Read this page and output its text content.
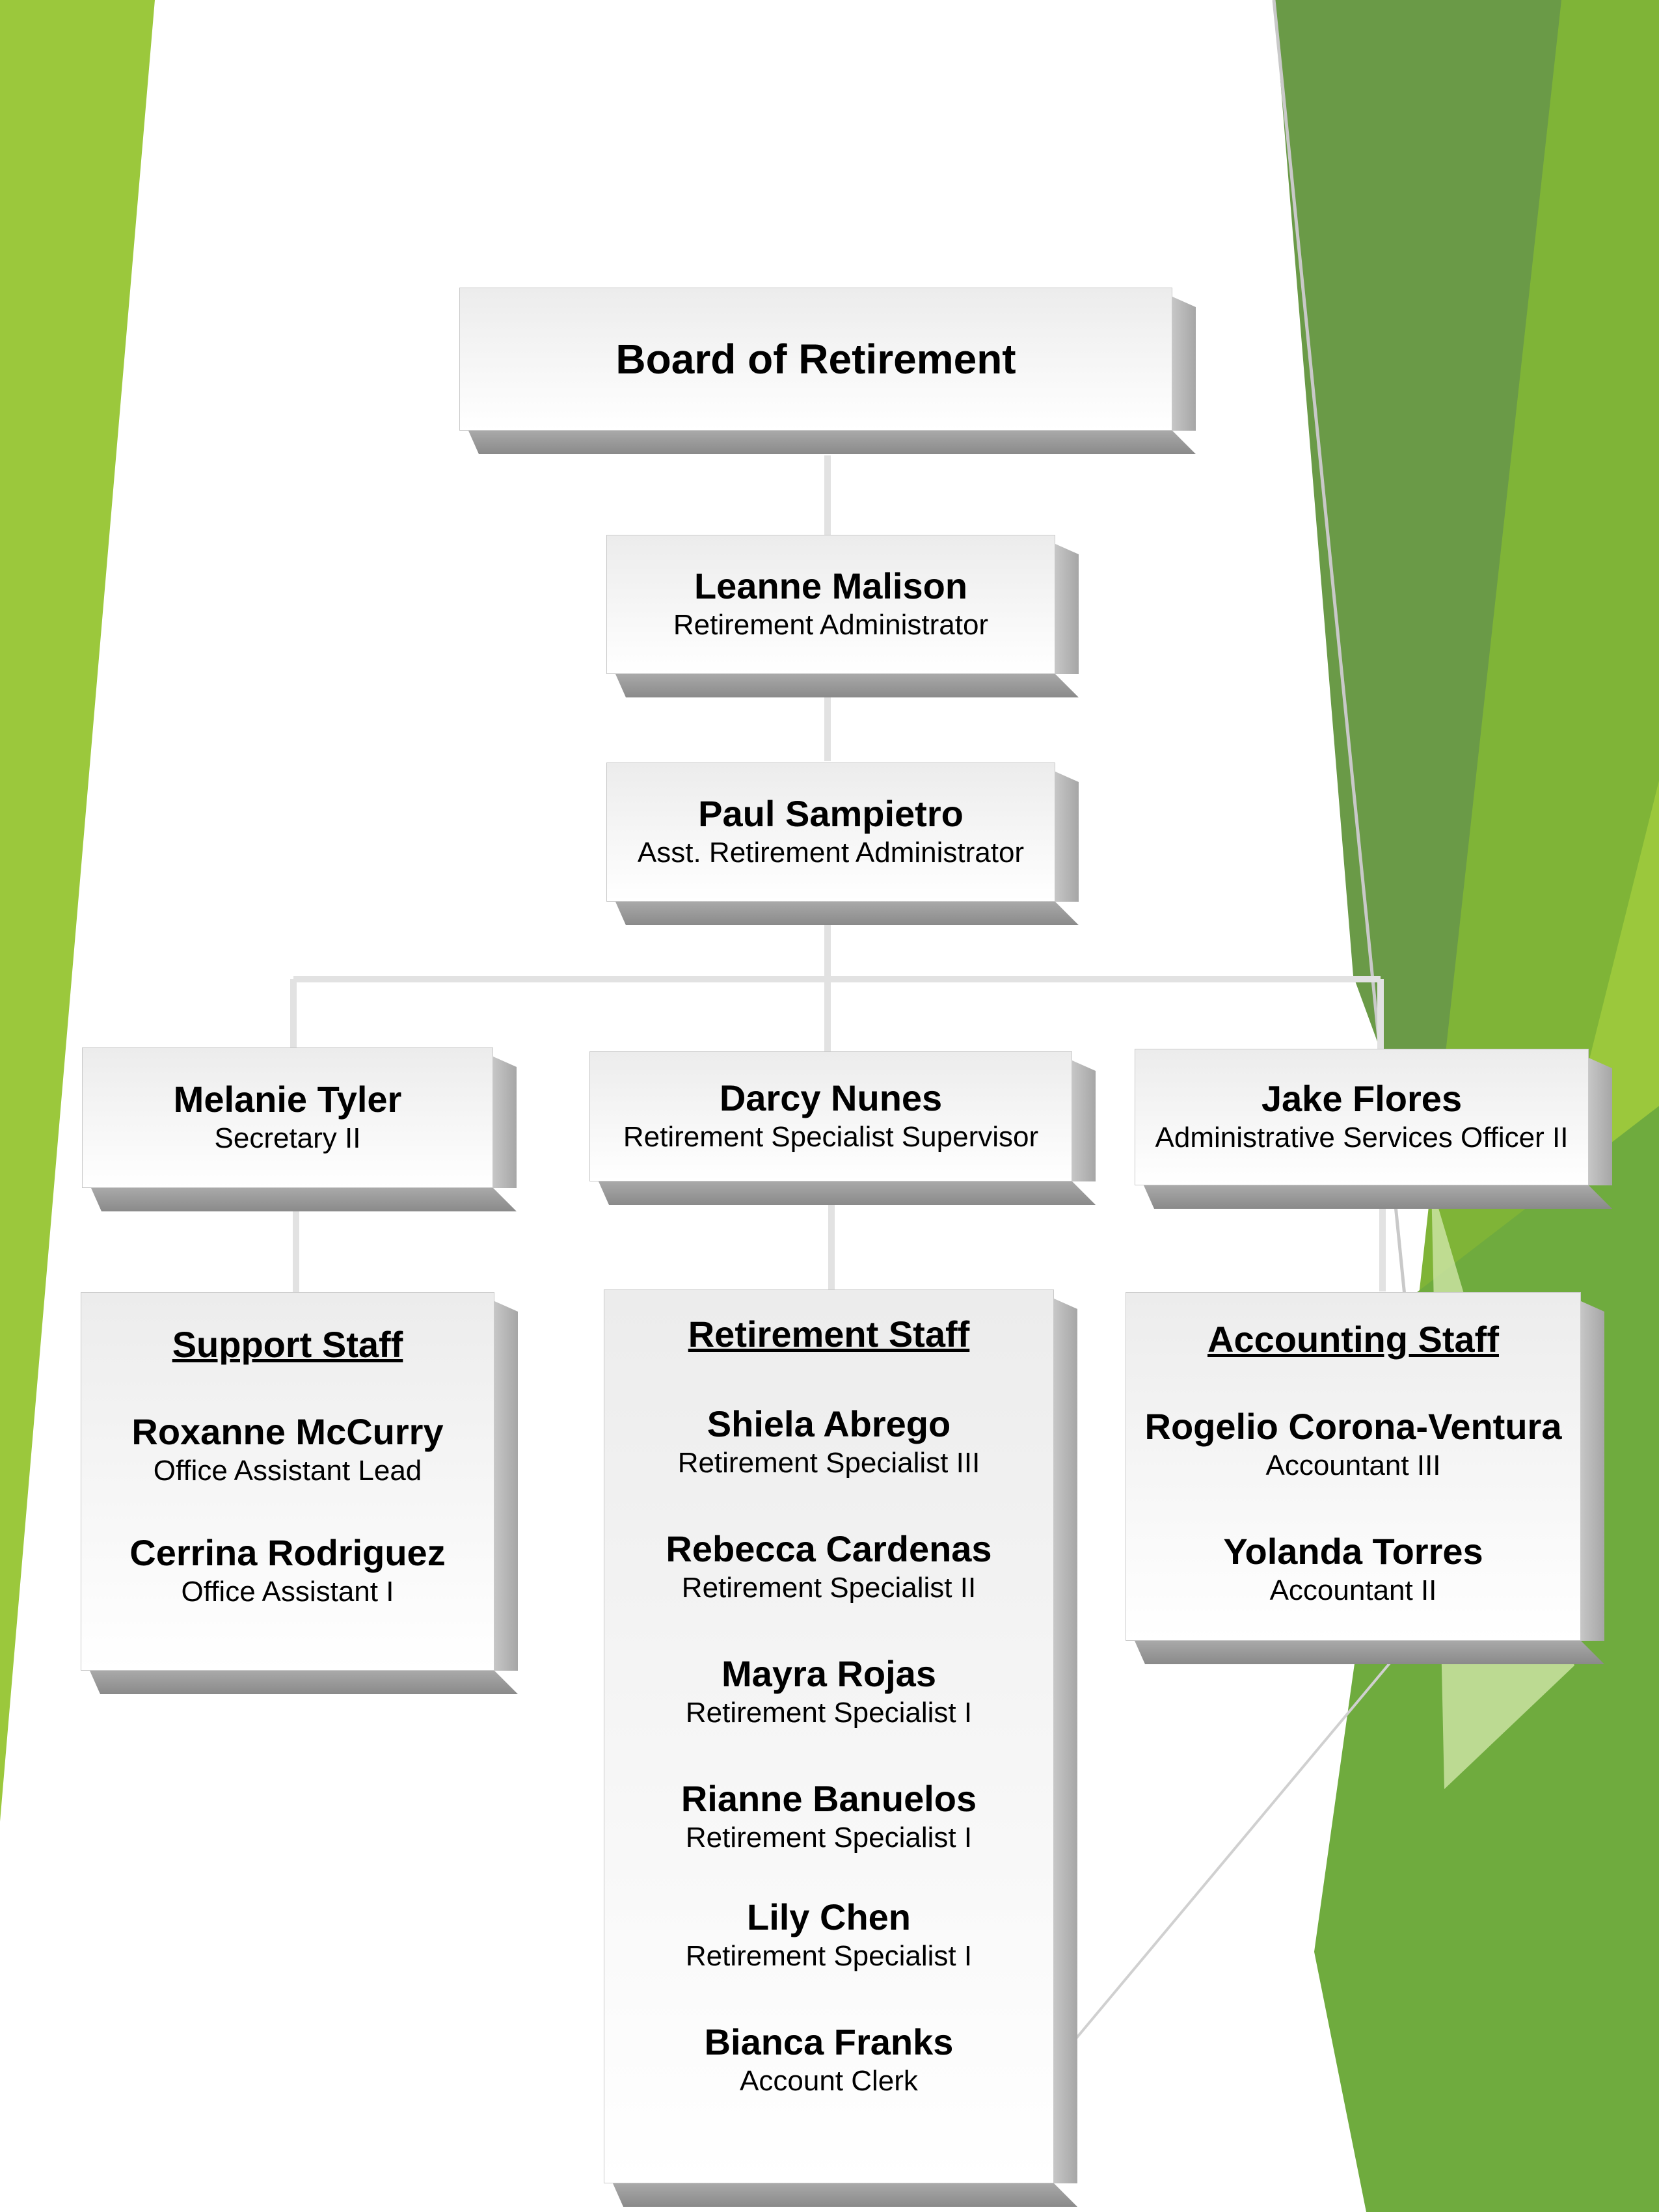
Board of Retirement
Leanne Malison
Retirement Administrator
Paul Sampietro
Asst. Retirement Administrator
Melanie Tyler
Secretary II
Darcy Nunes
Retirement Specialist Supervisor
Jake Flores
Administrative Services Officer II
Support Staff
Roxanne McCurry
Office Assistant Lead
Cerrina Rodriguez
Office Assistant I
Retirement Staff
Shiela Abrego
Retirement Specialist III
Rebecca Cardenas
Retirement Specialist II
Mayra Rojas
Retirement Specialist I
Rianne Banuelos
Retirement Specialist I
Lily Chen
Retirement Specialist I
Bianca Franks
Account Clerk
Accounting Staff
Rogelio Corona-Ventura
Accountant III
Yolanda Torres
Accountant II
